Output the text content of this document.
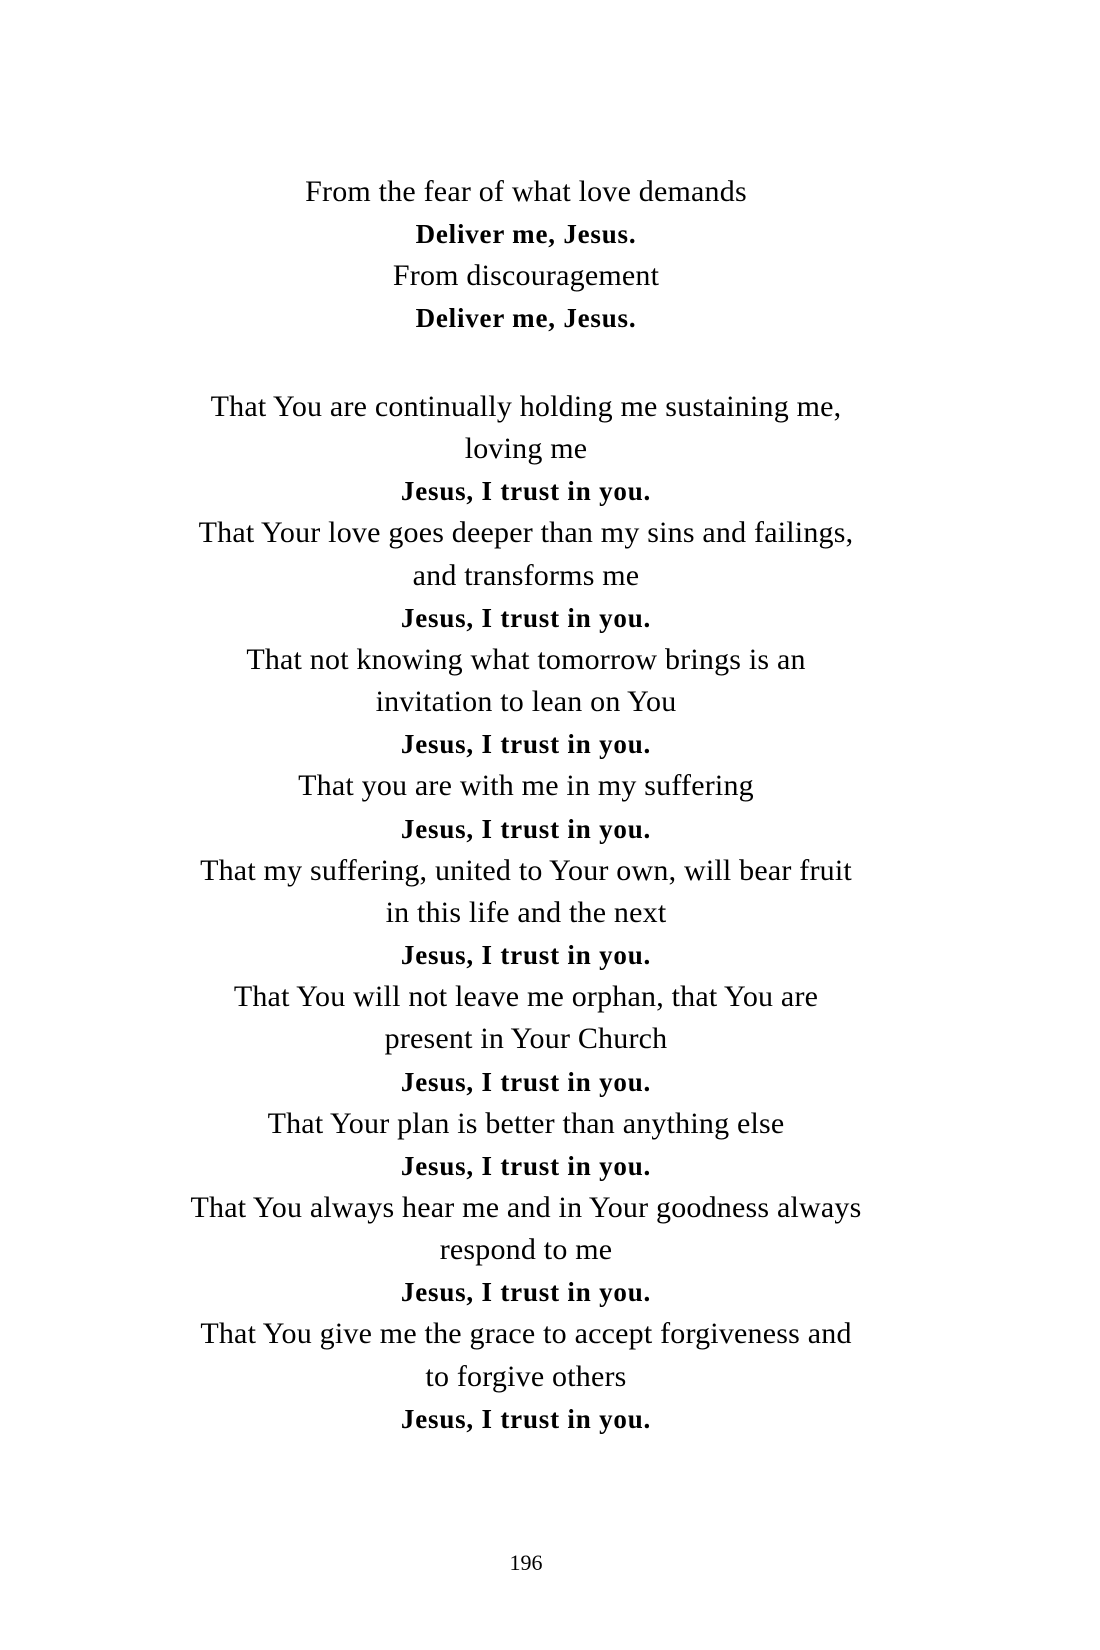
From the fear of what love demands
Deliver me, Jesus.
From discouragement
Deliver me, Jesus.
That You are continually holding me sustaining me,
loving me
Jesus, I trust in you.
That Your love goes deeper than my sins and failings,
and transforms me
Jesus, I trust in you.
That not knowing what tomorrow brings is an
invitation to lean on You
Jesus, I trust in you.
That you are with me in my suffering
Jesus, I trust in you.
That my suffering, united to Your own, will bear fruit
in this life and the next
Jesus, I trust in you.
That You will not leave me orphan, that You are
present in Your Church
Jesus, I trust in you.
That Your plan is better than anything else
Jesus, I trust in you.
That You always hear me and in Your goodness always
respond to me
Jesus, I trust in you.
That You give me the grace to accept forgiveness and
to forgive others
Jesus, I trust in you.
196
